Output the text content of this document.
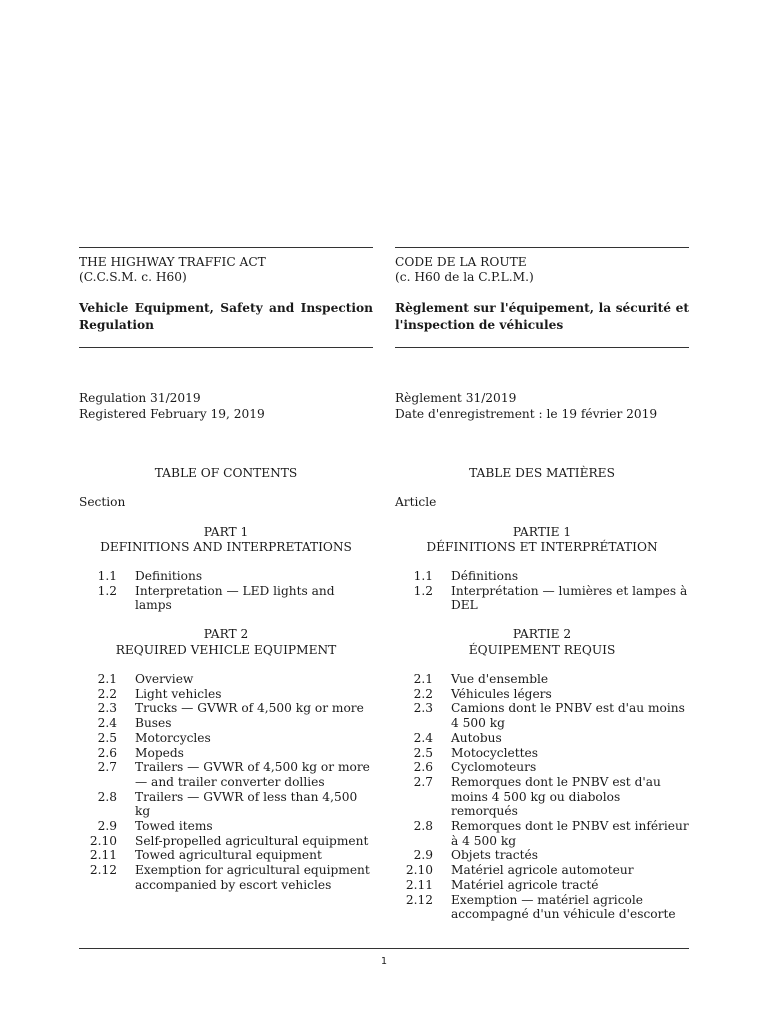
THE HIGHWAY TRAFFIC ACT
(C.C.S.M. c. H60)
Vehicle Equipment, Safety and Inspection Regulation
Regulation 31/2019
Registered February 19, 2019
TABLE OF CONTENTS
Section
PART 1
DEFINITIONS AND INTERPRETATIONS
1.1 Definitions
1.2 Interpretation — LED lights and lamps
PART 2
REQUIRED VEHICLE EQUIPMENT
2.1 Overview
2.2 Light vehicles
2.3 Trucks — GVWR of 4,500 kg or more
2.4 Buses
2.5 Motorcycles
2.6 Mopeds
2.7 Trailers — GVWR of 4,500 kg or more — and trailer converter dollies
2.8 Trailers — GVWR of less than 4,500 kg
2.9 Towed items
2.10 Self-propelled agricultural equipment
2.11 Towed agricultural equipment
2.12 Exemption for agricultural equipment accompanied by escort vehicles
CODE DE LA ROUTE
(c. H60 de la C.P.L.M.)
Règlement sur l'équipement, la sécurité et l'inspection de véhicules
Règlement 31/2019
Date d'enregistrement : le 19 février 2019
TABLE DES MATIÈRES
Article
PARTIE 1
DÉFINITIONS ET INTERPRÉTATION
1.1 Définitions
1.2 Interprétation — lumières et lampes à DEL
PARTIE 2
ÉQUIPEMENT REQUIS
2.1 Vue d'ensemble
2.2 Véhicules légers
2.3 Camions dont le PNBV est d'au moins 4 500 kg
2.4 Autobus
2.5 Motocyclettes
2.6 Cyclomoteurs
2.7 Remorques dont le PNBV est d'au moins 4 500 kg ou diabolos remorqués
2.8 Remorques dont le PNBV est inférieur à 4 500 kg
2.9 Objets tractés
2.10 Matériel agricole automoteur
2.11 Matériel agricole tracté
2.12 Exemption — matériel agricole accompagné d'un véhicule d'escorte
1
